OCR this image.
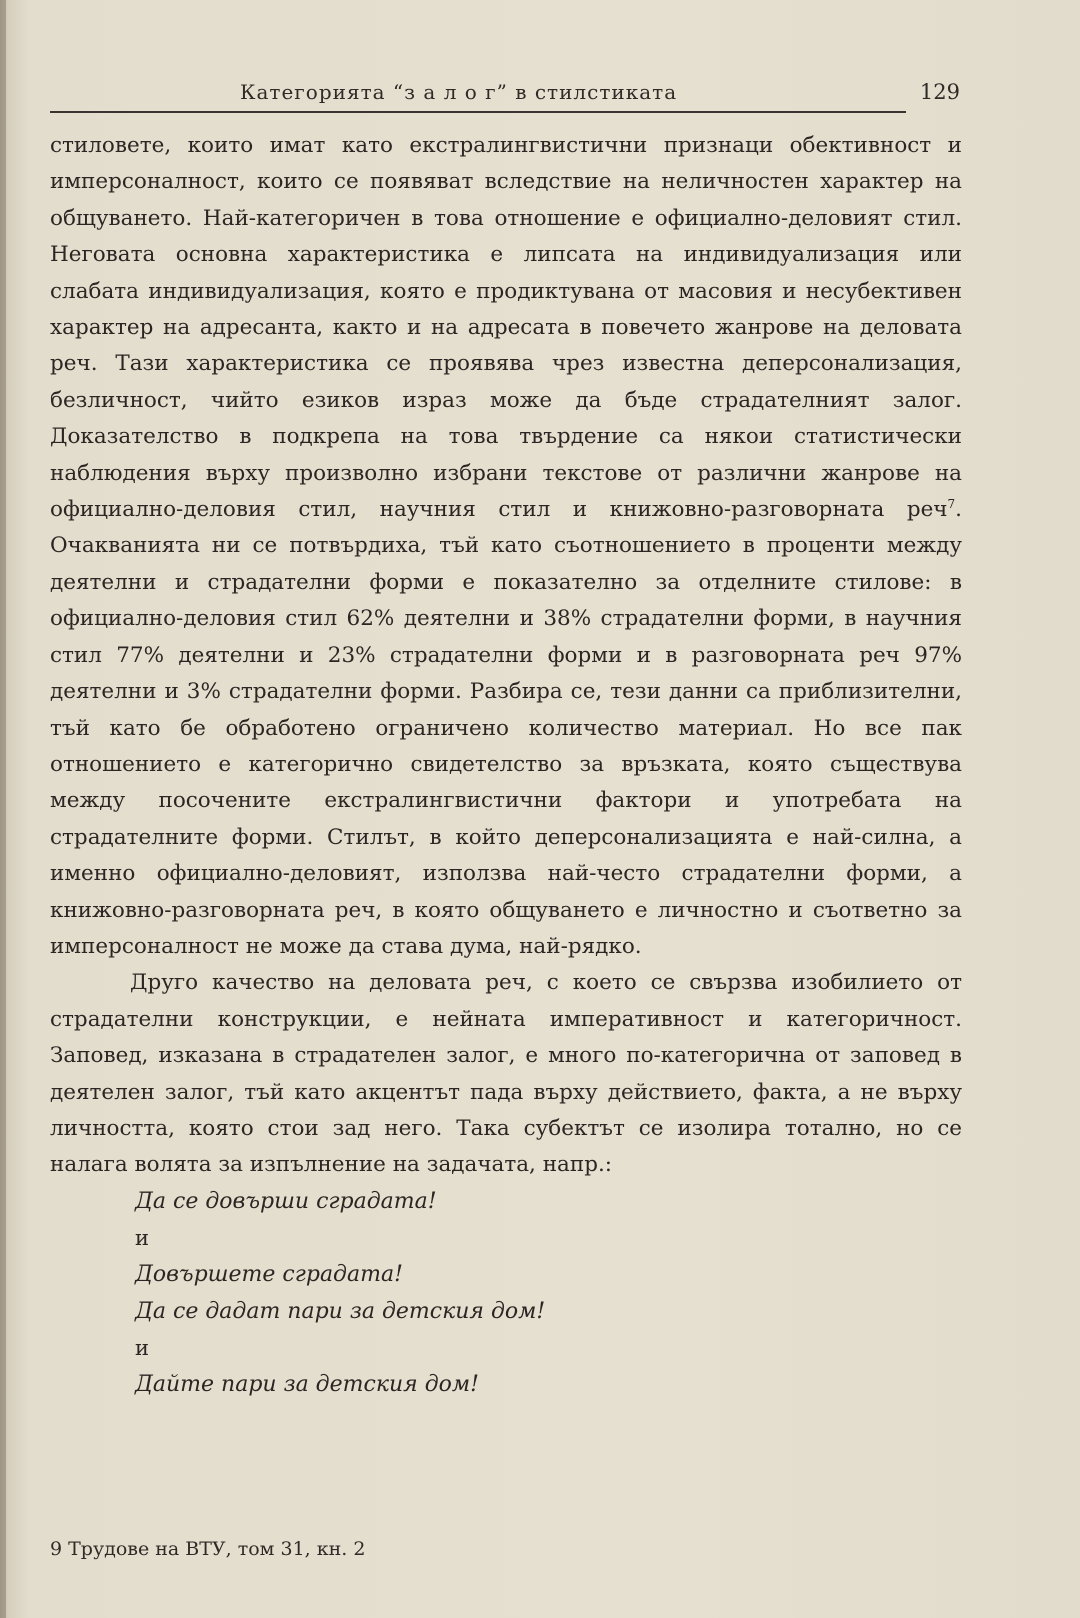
Категорията “з а л о г” в стилстиката	129

стиловете, които имат като екстралингвистични признаци обективност и имперсоналност, които се появяват вследствие на неличностен характер на общуването. Най-категоричен в това отношение е официално-деловият стил. Неговата основна характеристика е липсата на индивидуализация или слабата индивидуализация, която е продиктувана от масовия и несубективен характер на адресанта, както и на адресата в повечето жанрове на деловата реч. Тази характеристика се проявява чрез известна деперсонализация, безличност, чийто езиков израз може да бъде страдателният залог. Доказателство в подкрепа на това твърдение са някои статистически наблюдения върху произволно избрани текстове от различни жанрове на официално-деловия стил, научния стил и книжовно-разговорната реч$^7$. Очакванията ни се потвърдиха, тъй като съотношението в проценти между деятелни и страдателни форми е показателно за отделните стилове: в официално-деловия стил 62% деятелни и 38% страдателни форми, в научния стил 77% деятелни и 23% страдателни форми и в разговорната реч 97% деятелни и 3% страдателни форми. Разбира се, тези данни са приблизителни, тъй като бе обработено ограничено количество материал. Но все пак отношението е категорично свидетелство за връзката, която съществува между посочените екстралингвистични фактори и употребата на страдателните форми. Стилът, в който деперсонализацията е най-силна, а именно официално-деловият, използва най-често страдателни форми, а книжовно-разговорната реч, в която общуването е личностно и съответно за имперсоналност не може да става дума, най-рядко.

Друго качество на деловата реч, с което се свързва изобилието от страдателни конструкции, е нейната императивност и категоричност. Заповед, изказана в страдателен залог, е много по-категорична от заповед в деятелен залог, тъй като акцентът пада върху действието, факта, а не върху личността, която стои зад него. Така субектът се изолира тотално, но се налага волята за изпълнение на задачата, напр.:

Да се довърши сградата!

и

Довършете сградата!

Да се дадат пари за детския дом!

и

Дайте пари за детския дом!

9 Трудове на ВТУ, том 31, кн. 2
